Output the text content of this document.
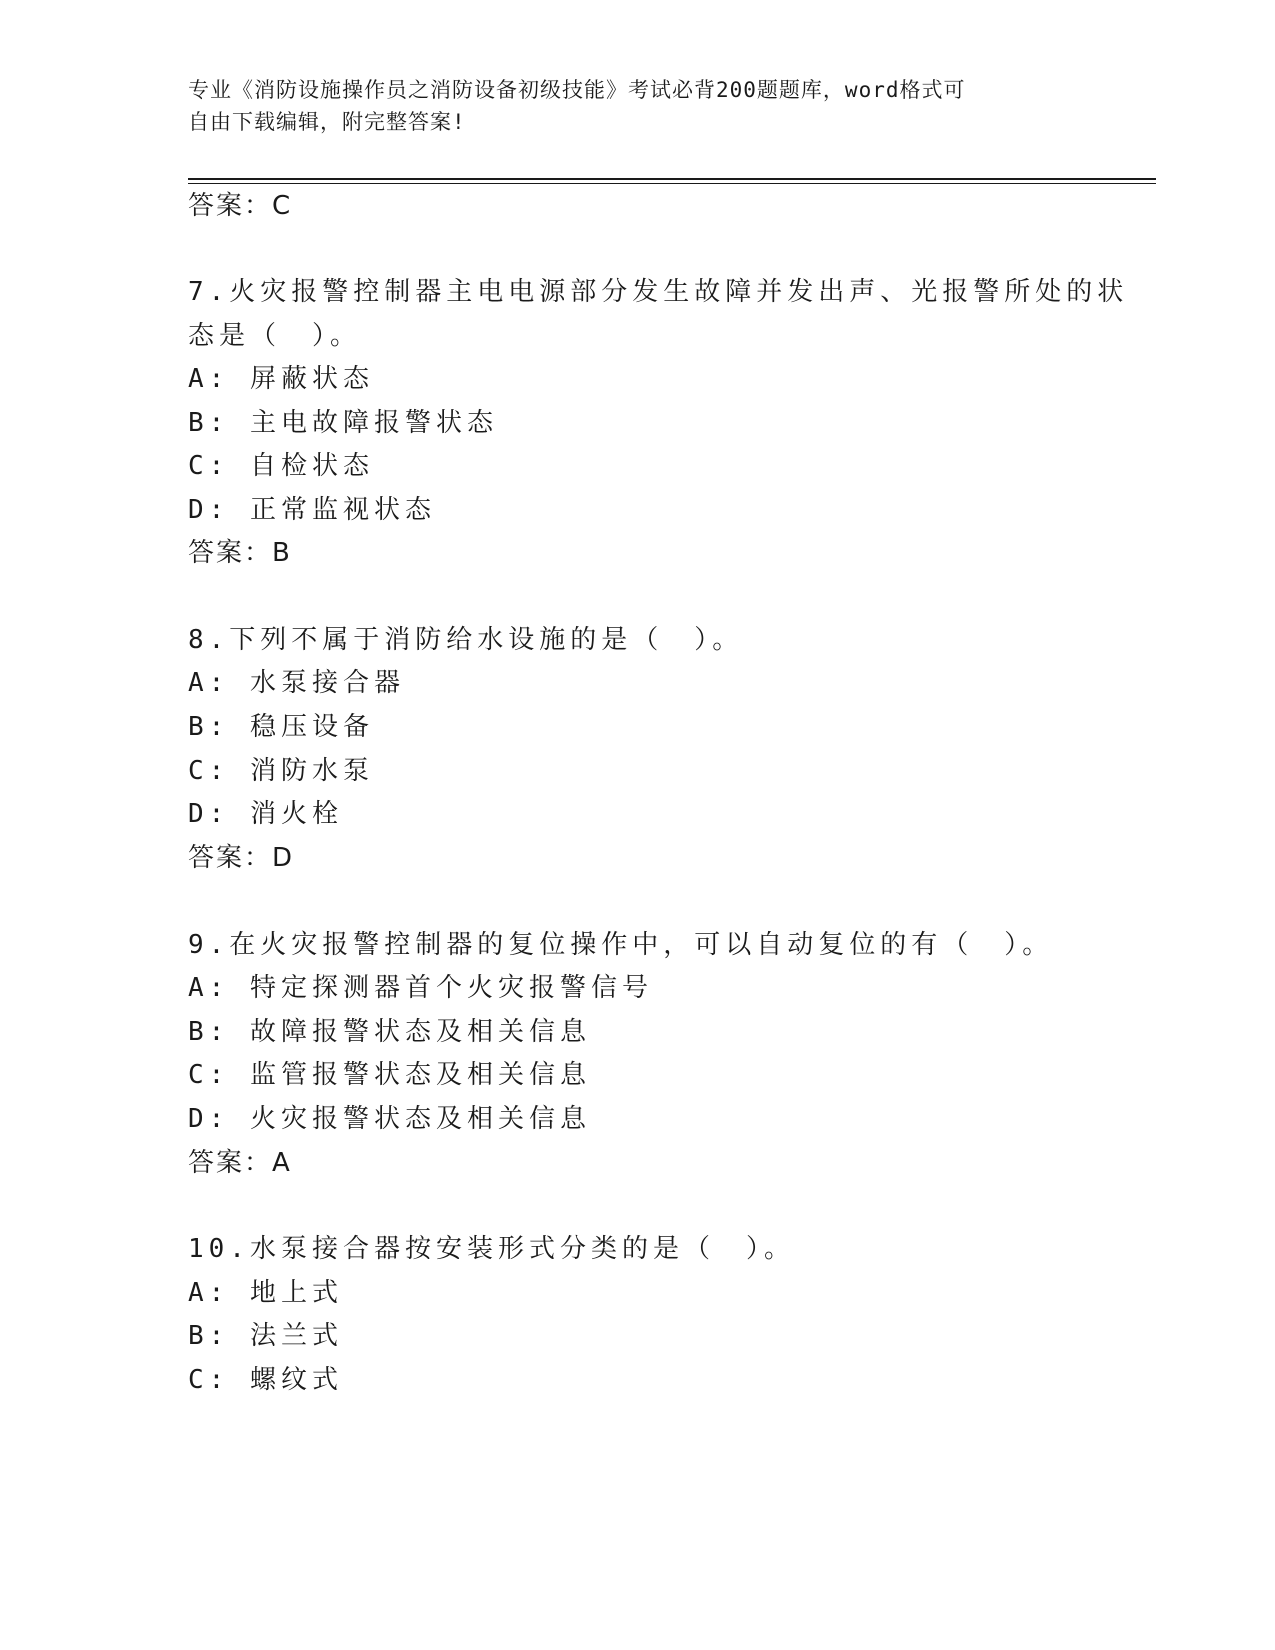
专业《消防设施操作员之消防设备初级技能》考试必背200题题库，word格式可
自由下载编辑，附完整答案!
答案：C
7.火灾报警控制器主电电源部分发生故障并发出声、光报警所处的状
态是（　）。
A: 屏蔽状态
B: 主电故障报警状态
C: 自检状态
D: 正常监视状态
答案：B
8.下列不属于消防给水设施的是（　）。
A: 水泵接合器
B: 稳压设备
C: 消防水泵
D: 消火栓
答案：D
9.在火灾报警控制器的复位操作中，可以自动复位的有（　）。
A: 特定探测器首个火灾报警信号
B: 故障报警状态及相关信息
C: 监管报警状态及相关信息
D: 火灾报警状态及相关信息
答案：A
10.水泵接合器按安装形式分类的是（　）。
A: 地上式
B: 法兰式
C: 螺纹式
